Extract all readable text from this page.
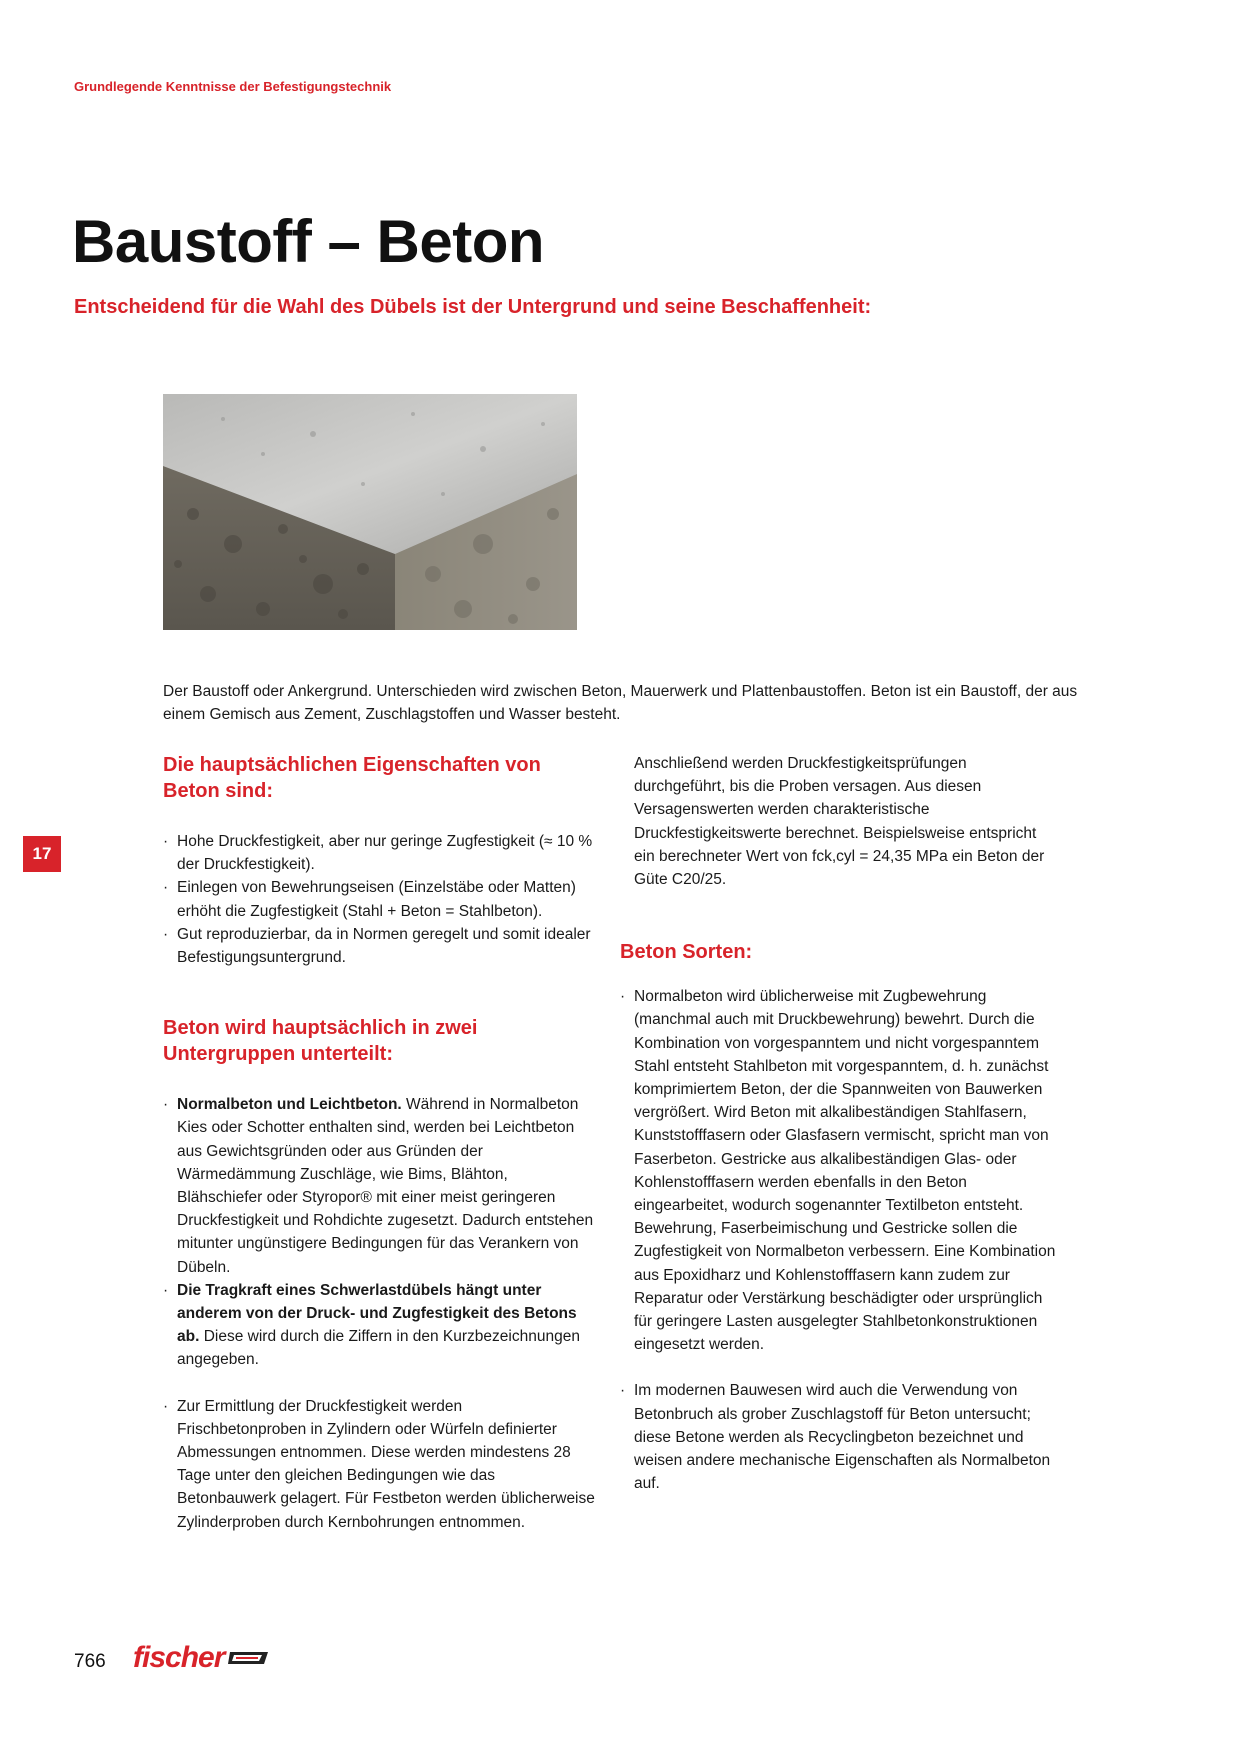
Grundlegende Kenntnisse der Befestigungstechnik
Baustoff – Beton
Entscheidend für die Wahl des Dübels ist der Untergrund und seine Beschaffenheit:

Der Baustoff oder Ankergrund. Unterschieden wird zwischen Beton, Mauerwerk und Plattenbaustoffen. Beton ist ein Baustoff, der aus einem Gemisch aus Zement, Zuschlagstoffen und Wasser besteht.

Die hauptsächlichen Eigenschaften von Beton sind:
· Hohe Druckfestigkeit, aber nur geringe Zugfestigkeit (≈ 10 % der Druckfestigkeit).
· Einlegen von Bewehrungseisen (Einzelstäbe oder Matten) erhöht die Zugfestigkeit (Stahl + Beton = Stahlbeton).
· Gut reproduzierbar, da in Normen geregelt und somit idealer Befestigungsuntergrund.
Beton wird hauptsächlich in zwei Untergruppen unterteilt:
· Normalbeton und Leichtbeton. Während in Normalbeton Kies oder Schotter enthalten sind, werden bei Leichtbeton aus Gewichtsgründen oder aus Gründen der Wärmedämmung Zuschläge, wie Bims, Blähton, Blähschiefer oder Styropor® mit einer meist geringeren Druckfestigkeit und Rohdichte zugesetzt. Dadurch entstehen mitunter ungünstigere Bedingungen für das Verankern von Dübeln.
· Die Tragkraft eines Schwerlastdübels hängt unter anderem von der Druck- und Zugfestigkeit des Betons ab. Diese wird durch die Ziffern in den Kurzbezeichnungen angegeben.
· Zur Ermittlung der Druckfestigkeit werden Frischbetonproben in Zylindern oder Würfeln definierter Abmessungen entnommen. Diese werden mindestens 28 Tage unter den gleichen Bedingungen wie das Betonbauwerk gelagert. Für Festbeton werden üblicherweise Zylinderproben durch Kernbohrungen entnommen.

Anschließend werden Druckfestigkeitsprüfungen durchgeführt, bis die Proben versagen. Aus diesen Versagenswerten werden charakteristische Druckfestigkeitswerte berechnet. Beispielsweise entspricht ein berechneter Wert von fck,cyl = 24,35 MPa ein Beton der Güte C20/25.

Beton Sorten:
· Normalbeton wird üblicherweise mit Zugbewehrung (manchmal auch mit Druckbewehrung) bewehrt. Durch die Kombination von vorgespanntem und nicht vorgespanntem Stahl entsteht Stahlbeton mit vorgespanntem, d. h. zunächst komprimiertem Beton, der die Spannweiten von Bauwerken vergrößert. Wird Beton mit alkalibeständigen Stahlfasern, Kunststofffasern oder Glasfasern vermischt, spricht man von Faserbeton. Gestricke aus alkalibeständigen Glas- oder Kohlenstofffasern werden ebenfalls in den Beton eingearbeitet, wodurch sogenannter Textilbeton entsteht. Bewehrung, Faserbeimischung und Gestricke sollen die Zugfestigkeit von Normalbeton verbessern. Eine Kombination aus Epoxidharz und Kohlenstofffasern kann zudem zur Reparatur oder Verstärkung beschädigter oder ursprünglich für geringere Lasten ausgelegter Stahlbetonkonstruktionen eingesetzt werden.
· Im modernen Bauwesen wird auch die Verwendung von Betonbruch als grober Zuschlagstoff für Beton untersucht; diese Betone werden als Recyclingbeton bezeichnet und weisen andere mechanische Eigenschaften als Normalbeton auf.
17
766 fischer
